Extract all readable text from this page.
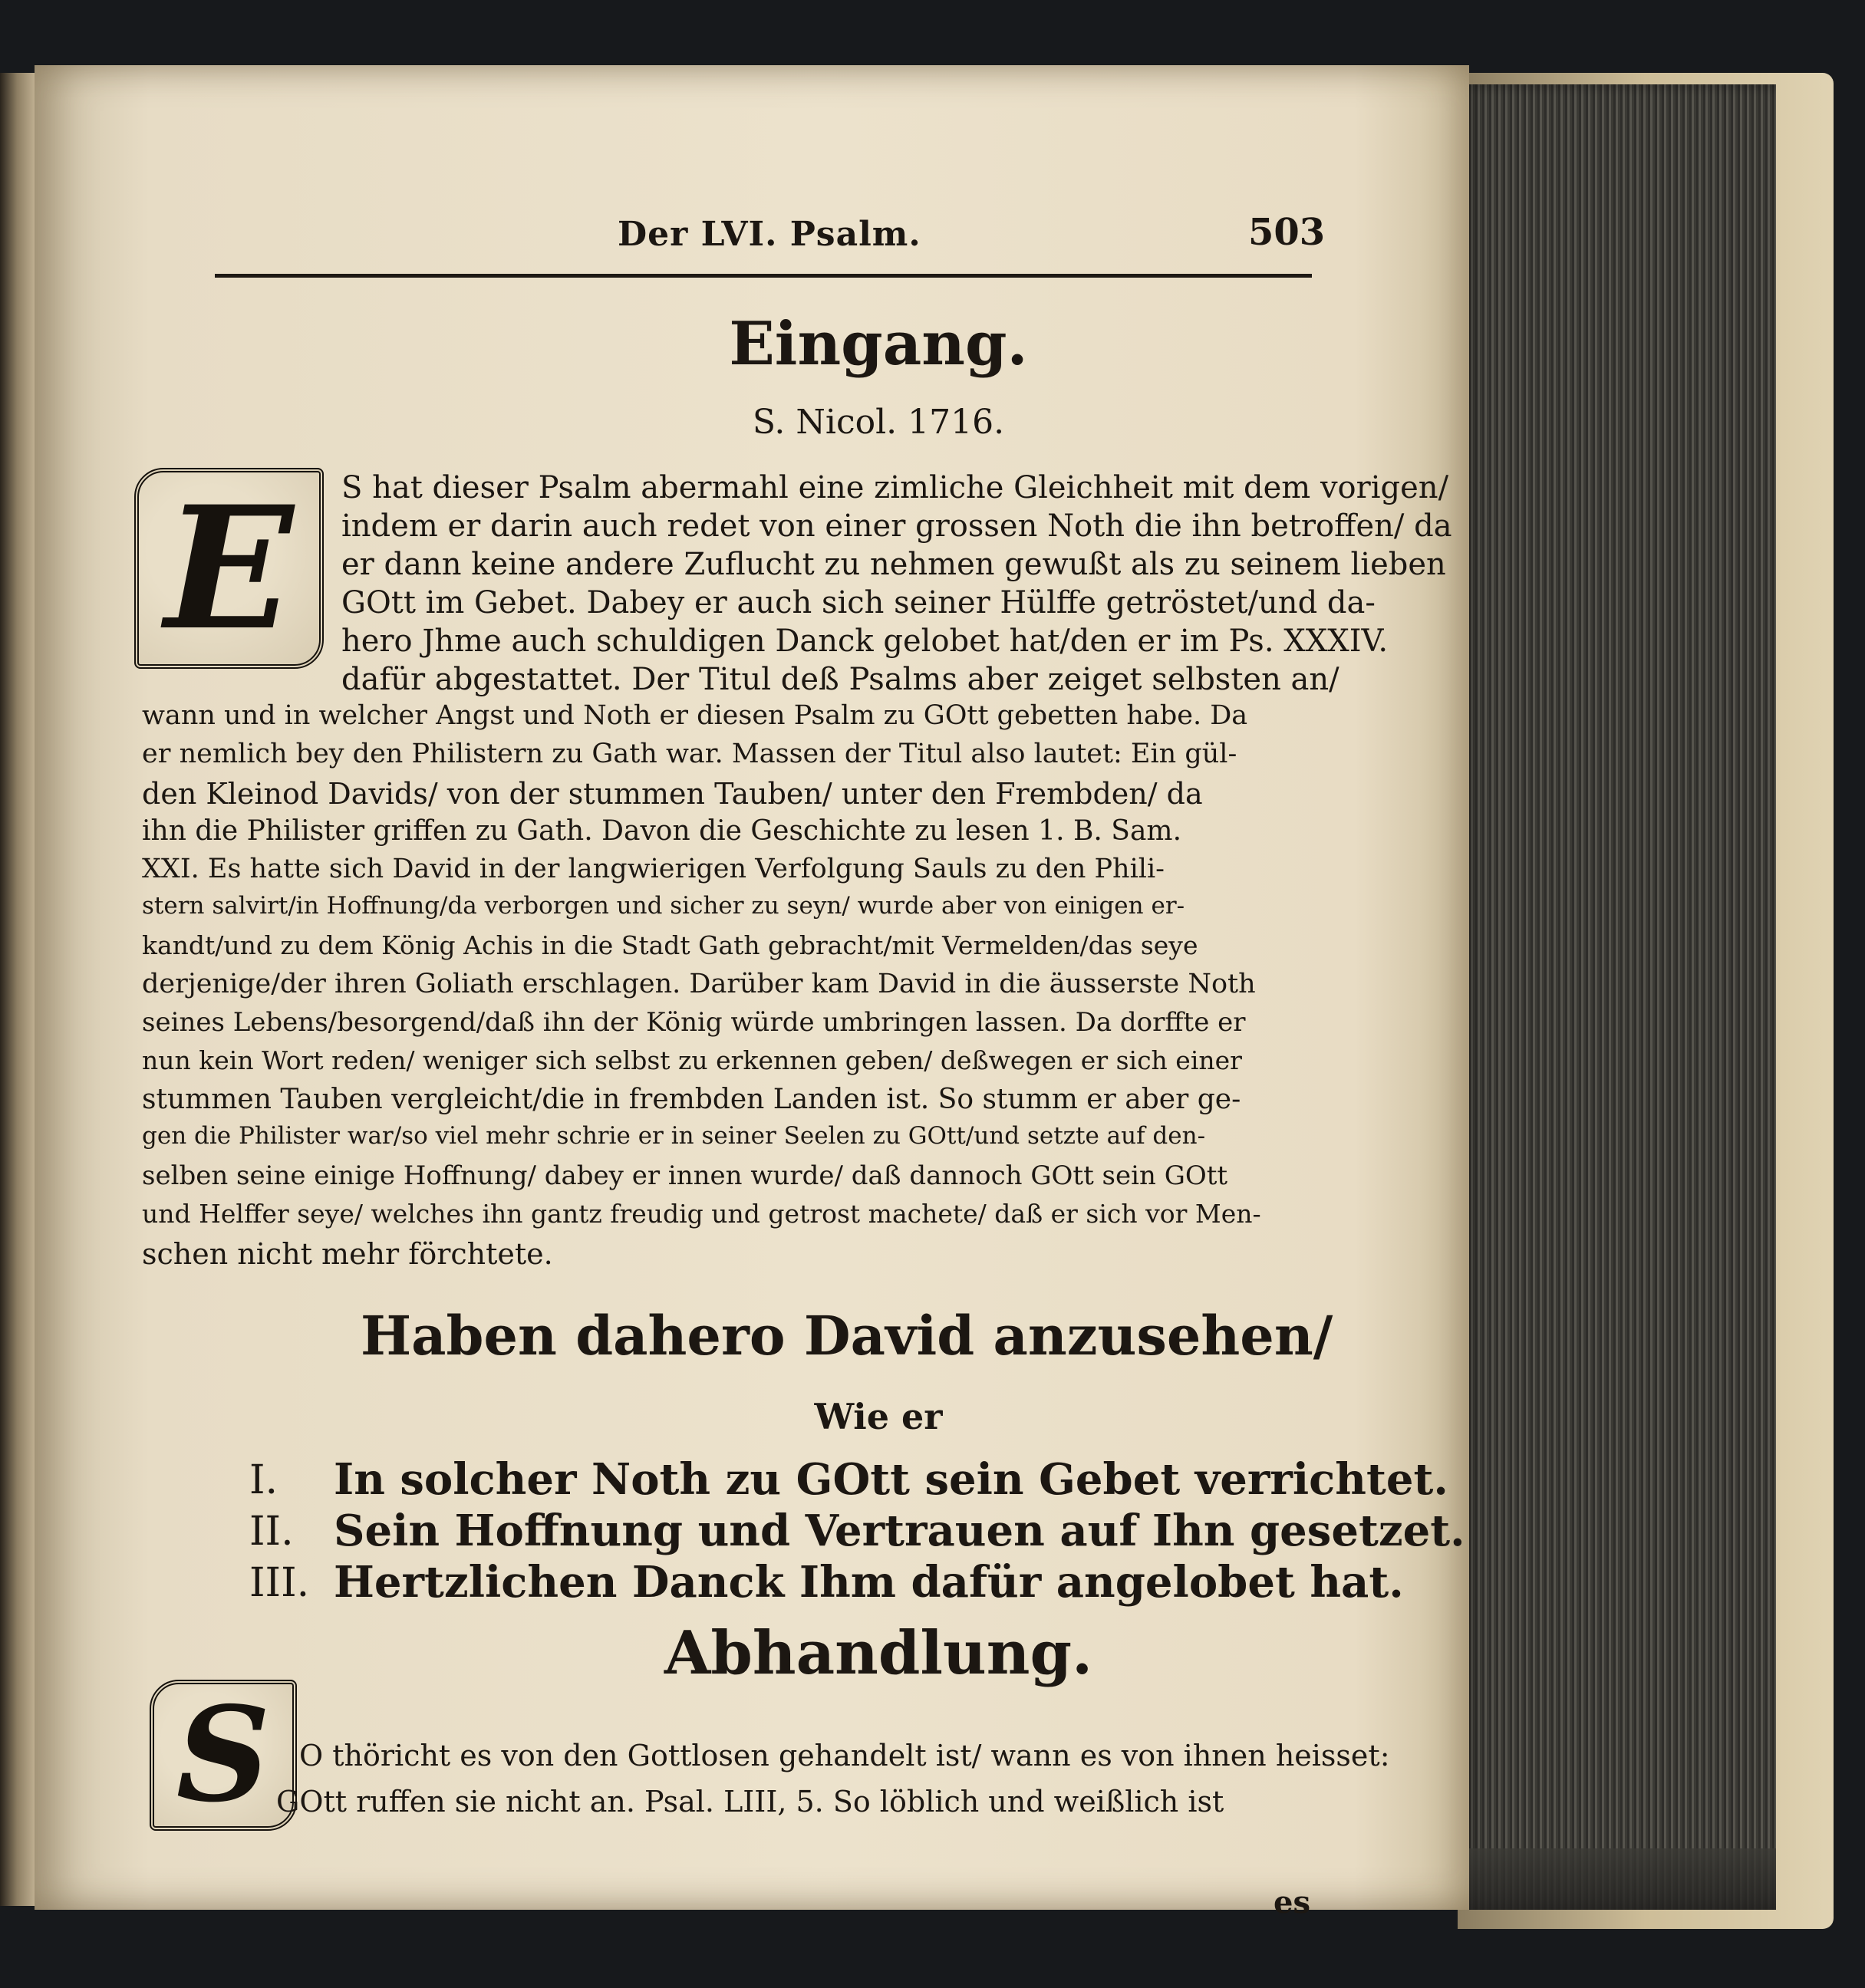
Der LVI. Psalm.	503
Eingang.
S. Nicol. 1716.
E	S hat dieser Psalm abermahl eine zimliche Gleichheit mit dem vorigen/
indem er darin auch redet von einer grossen Noth die ihn betroffen/ da
er dann keine andere Zuflucht zu nehmen gewußt als zu seinem lieben
GOtt im Gebet. Dabey er auch sich seiner Hülffe getröstet/und da-
hero Jhme auch schuldigen Danck gelobet hat/den er im Ps. XXXIV.
dafür abgestattet. Der Titul deß Psalms aber zeiget selbsten an/
wann und in welcher Angst und Noth er diesen Psalm zu GOtt gebetten habe. Da
er nemlich bey den Philistern zu Gath war. Massen der Titul also lautet: Ein gül-
den Kleinod Davids/ von der stummen Tauben/ unter den Frembden/ da
ihn die Philister griffen zu Gath. Davon die Geschichte zu lesen 1. B. Sam.
XXI. Es hatte sich David in der langwierigen Verfolgung Sauls zu den Phili-
stern salvirt/in Hoffnung/da verborgen und sicher zu seyn/ wurde aber von einigen er-
kandt/und zu dem König Achis in die Stadt Gath gebracht/mit Vermelden/das seye
derjenige/der ihren Goliath erschlagen. Darüber kam David in die äusserste Noth
seines Lebens/besorgend/daß ihn der König würde umbringen lassen. Da dorffte er
nun kein Wort reden/ weniger sich selbst zu erkennen geben/ deßwegen er sich einer
stummen Tauben vergleicht/die in frembden Landen ist. So stumm er aber ge-
gen die Philister war/so viel mehr schrie er in seiner Seelen zu GOtt/und setzte auf den-
selben seine einige Hoffnung/ dabey er innen wurde/ daß dannoch GOtt sein GOtt
und Helffer seye/ welches ihn gantz freudig und getrost machete/ daß er sich vor Men-
schen nicht mehr förchtete.
Haben dahero David anzusehen/
Wie er
I. In solcher Noth zu GOtt sein Gebet verrichtet.
II. Sein Hoffnung und Vertrauen auf Ihn gesetzet.
III. Hertzlichen Danck Ihm dafür angelobet hat.
Abhandlung.
S O thöricht es von den Gottlosen gehandelt ist/ wann es von ihnen heisset:
GOtt ruffen sie nicht an. Psal. LIII, 5. So löblich und weißlich ist
es
